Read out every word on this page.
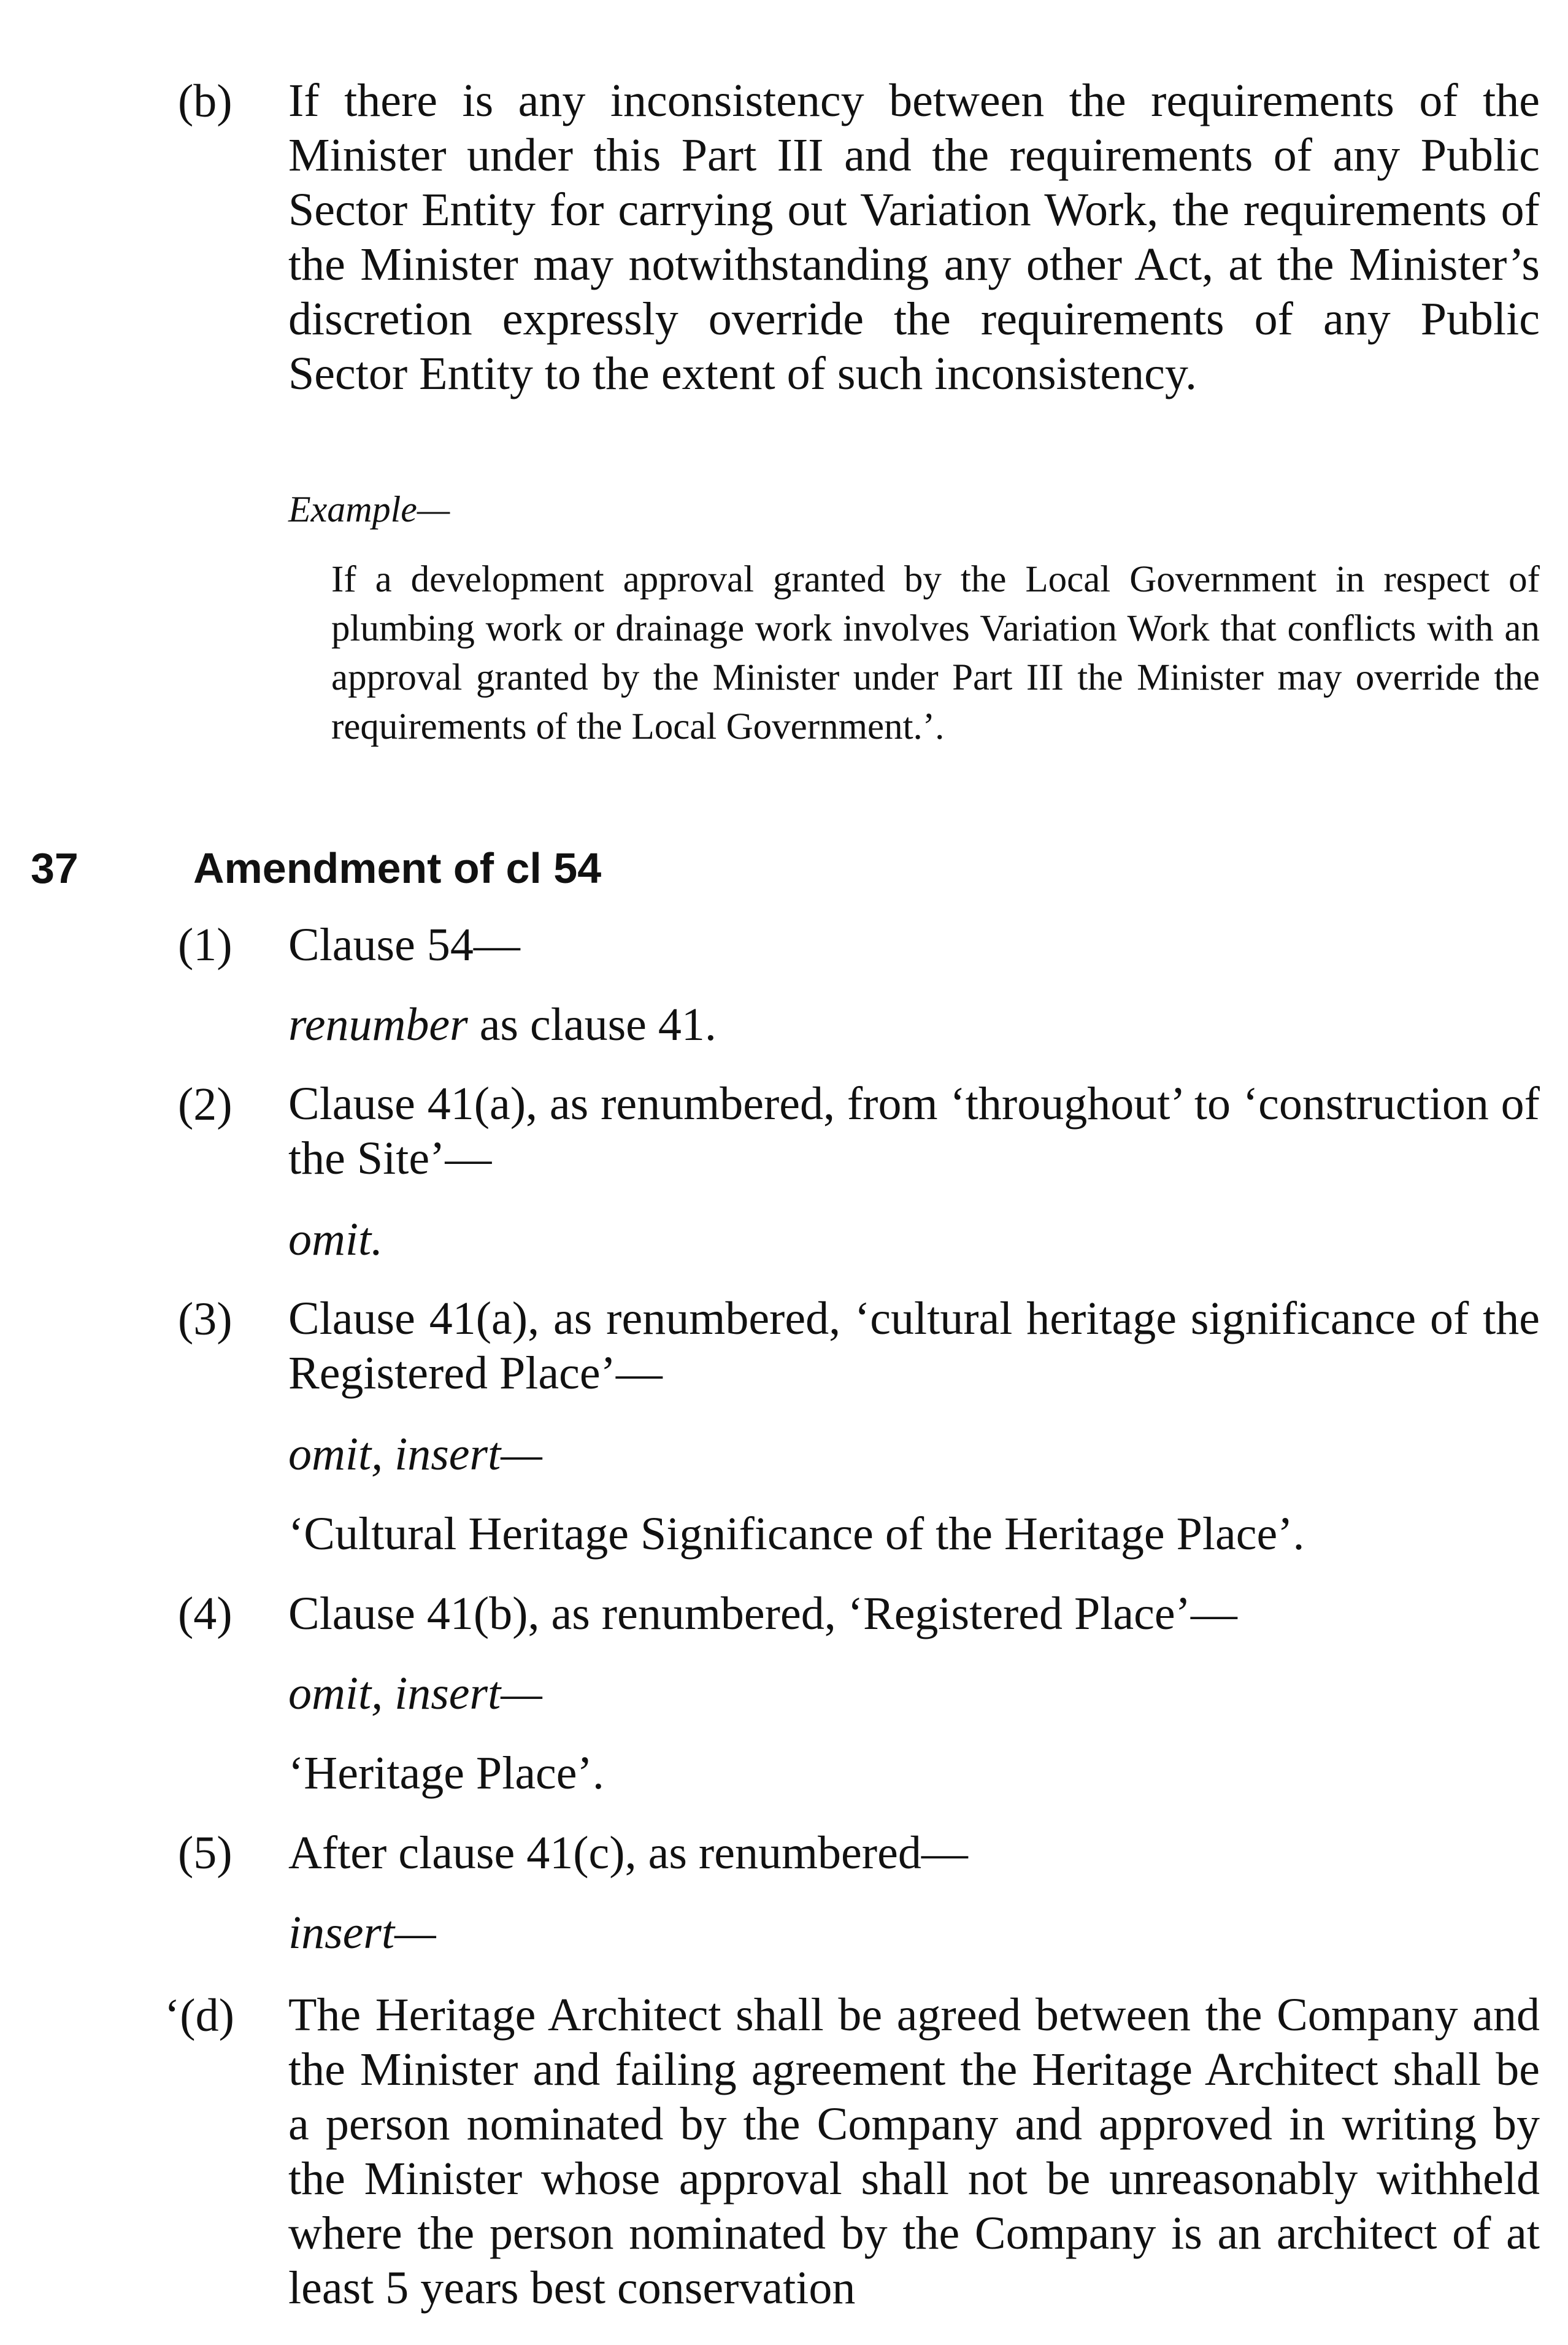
(b) If there is any inconsistency between the requirements of the Minister under this Part III and the requirements of any Public Sector Entity for carrying out Variation Work, the requirements of the Minister may notwithstanding any other Act, at the Minister’s discretion expressly override the requirements of any Public Sector Entity to the extent of such inconsistency.
Example—
If a development approval granted by the Local Government in respect of plumbing work or drainage work involves Variation Work that conflicts with an approval granted by the Minister under Part III the Minister may override the requirements of the Local Government.’.
37	Amendment of cl 54
(1) Clause 54—
renumber as clause 41.
(2) Clause 41(a), as renumbered, from ‘throughout’ to ‘construction of the Site’—
omit.
(3) Clause 41(a), as renumbered, ‘cultural heritage significance of the Registered Place’—
omit, insert—
‘Cultural Heritage Significance of the Heritage Place’.
(4) Clause 41(b), as renumbered, ‘Registered Place’—
omit, insert—
‘Heritage Place’.
(5) After clause 41(c), as renumbered—
insert—
‘(d) The Heritage Architect shall be agreed between the Company and the Minister and failing agreement the Heritage Architect shall be a person nominated by the Company and approved in writing by the Minister whose approval shall not be unreasonably withheld where the person nominated by the Company is an architect of at least 5 years best conservation
